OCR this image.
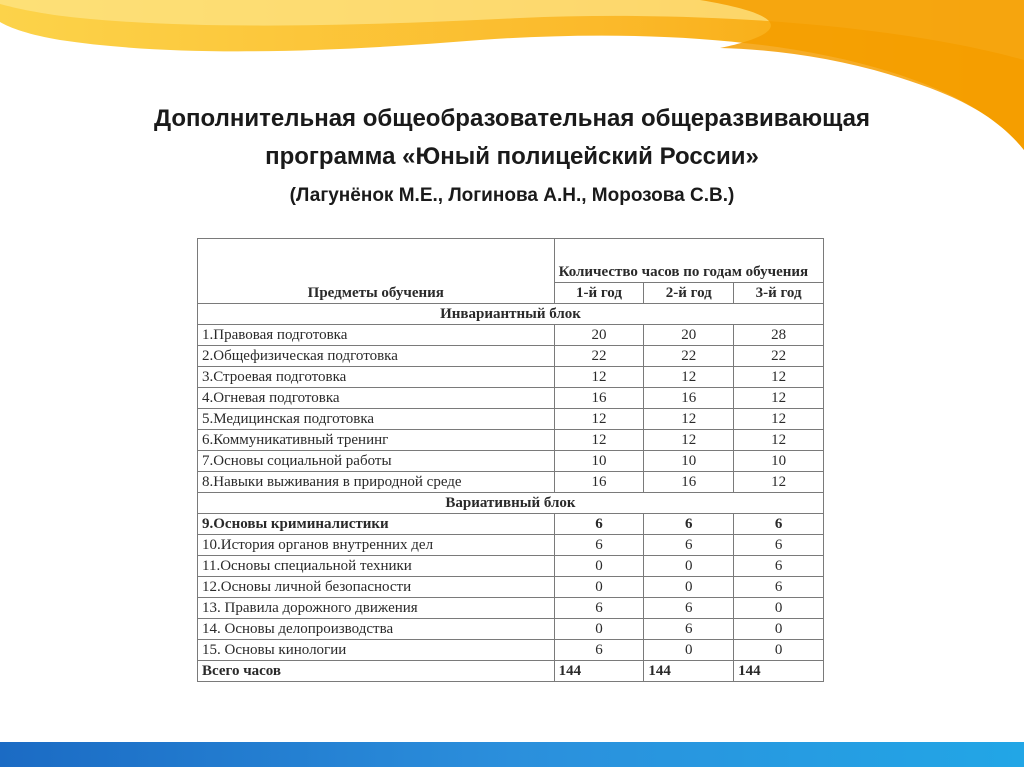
Дополнительная общеобразовательная общеразвивающая
программа «Юный полицейский России»
(Лагунёнок М.Е., Логинова А.Н., Морозова С.В.)
Предметы обучения	Количество часов по годам обучения		
	1-й год	2-й год	3-й год
Инвариантный блок			
1.Правовая подготовка	20	20	28
2.Общефизическая подготовка	22	22	22
3.Строевая подготовка	12	12	12
4.Огневая подготовка	16	16	12
5.Медицинская подготовка	12	12	12
6.Коммуникативный тренинг	12	12	12
7.Основы социальной работы	10	10	10
8.Навыки выживания в природной среде	16	16	12
Вариативный блок			
9.Основы криминалистики	6	6	6
10.История органов внутренних дел	6	6	6
11.Основы специальной техники	0	0	6
12.Основы личной безопасности	0	0	6
13. Правила дорожного движения	6	6	0
14. Основы делопроизводства	0	6	0
15. Основы кинологии	6	0	0
Всего часов	144	144	144
